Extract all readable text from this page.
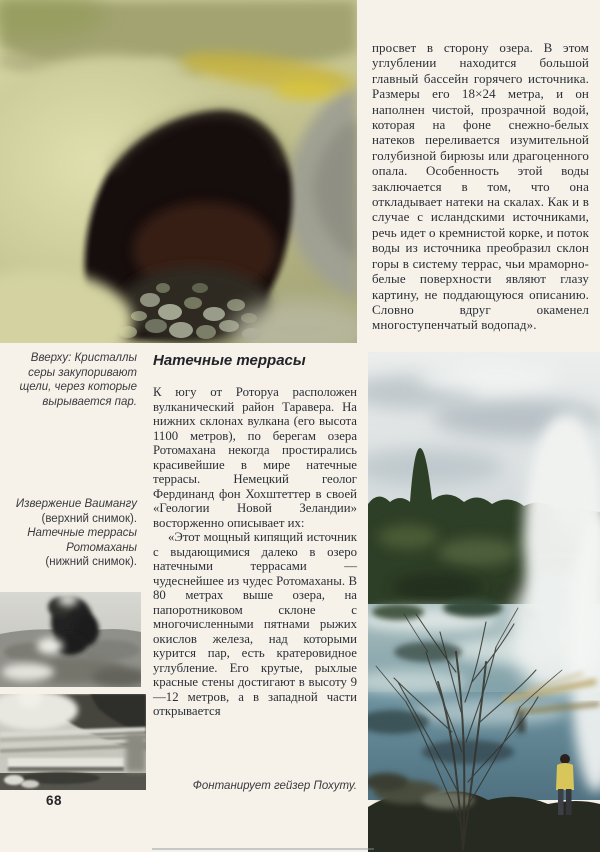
просвет в сторону озера. В этом углублении находится большой главный бассейн горячего источника. Размеры его 18×24 метра, и он наполнен чистой, прозрачной водой, которая на фоне снежно-белых натеков переливается изумительной голубизной бирюзы или драгоценного опала. Особенность этой воды заключается в том, что она откладывает натеки на скалах. Как и в случае с исландскими источниками, речь идет о кремнистой корке, и поток воды из источника преобразил склон горы в систему террас, чьи мраморно-белые поверхности являют глазу картину, не поддающуюся описанию. Словно вдруг окаменел многоступенчатый водопад».

Вверху: Кристаллы серы закупоривают щели, через которые вырывается пар.
Натечные террасы

К югу от Роторуа расположен вулканический район Таравера. На нижних склонах вулкана (его высота 1100 метров), по берегам озера Ротомахана некогда простирались красивейшие в мире натечные террасы. Немецкий геолог Фердинанд фон Хохштеттер в своей «Геологии Новой Зеландии» восторженно описывает их:

«Этот мощный кипящий источник с выдающимися далеко в озеро натечными террасами — чудеснейшее из чудес Ротомаханы. В 80 метрах выше озера, на папоротниковом склоне с многочисленными пятнами рыжих окислов железа, над которыми курится пар, есть кратеровидное углубление. Его крутые, рыхлые красные стены достигают в высоту 9—12 метров, а в западной части открывается

Извержение Ваимангу
(верхний снимок).
Натечные террасы Ротомаханы
(нижний снимок).
68
Фонтанирует гейзер Похуту.
